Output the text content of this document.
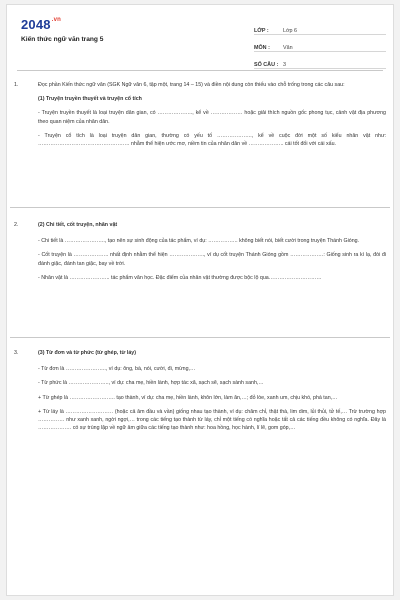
$2048^{.vn}$
Kiến thức ngữ văn trang 5
LỚP :	Lớp 6
MÔN :	Văn
SỐ CÂU : 3
1.	Đọc phần Kiến thức ngữ văn (SGK Ngữ văn 6, tập một, trang 14 – 15) và điền nội dung còn thiếu vào chỗ trống trong các câu sau:
(1) Truyện truyền thuyết và truyện cổ tích
- Truyện truyền thuyết là loại truyện dân gian, có ……………….., kể về ……………… hoặc giải thích nguồn gốc phong tục, cảnh vật địa phương theo quan niệm của nhân dân.
- Truyện cổ tích là loại truyện dân gian, thường có yếu tố ……………….., kể về cuộc đời một số kiểu nhân vật như: ……………………………………………. nhằm thể hiện ước mơ, niềm tin của nhân dân về ……………….. cái tốt đối với cái xấu.
2.	(2) Chi tiết, cốt truyện, nhân vật
- Chi tiết là ………………….., tạo nên sự sinh động của tác phẩm, ví dụ: …………….. không biết nói, biết cười trong truyện Thánh Gióng.
- Cốt truyện là ……………….. nhất định nhằm thể hiện ……………….., ví dụ cốt truyện Thánh Gióng gồm ……………….: Giống sinh ra kì lạ, đòi đi đánh giặc, đánh tan giặc, bay về trời.
- Nhân vật là ………………….. tác phẩm văn học. Đặc điểm của nhân vật thường được bộc lộ qua…………………………
3.	(3) Từ đơn và từ phức (từ ghép, từ láy)
- Từ đơn là ………………….., ví dụ: ông, bà, nói, cười, đi, mừng,…
- Từ phức là ………………….., ví dụ: cha mẹ, hiền lành, hợp tác xã, sạch sẽ, sạch sành sanh,…
+ Từ ghép là …………………….. tạo thành, ví dụ: cha mẹ, hiền lành, khôn lớn, làm ăn,…; đỏ lòe, xanh um, chịu khó, phá tan,…
+ Từ láy là ……………………… (hoặc cả âm đầu và vần) giống nhau tạo thành, ví dụ: chăm chỉ, thật thà, lim dim, lủi thủi, tử tế,… Trừ trường hợp …………… như xanh xanh, ngời ngợi,… trong các tiếng tạo thành từ láy, chỉ một tiếng có nghĩa hoặc tất cả các tiếng đều không có nghĩa. Đây là ………………. có sự trùng lặp về ngữ âm giữa các tiếng tạo thành như: hoa hồng, học hành, lí lẽ, gom góp,…
